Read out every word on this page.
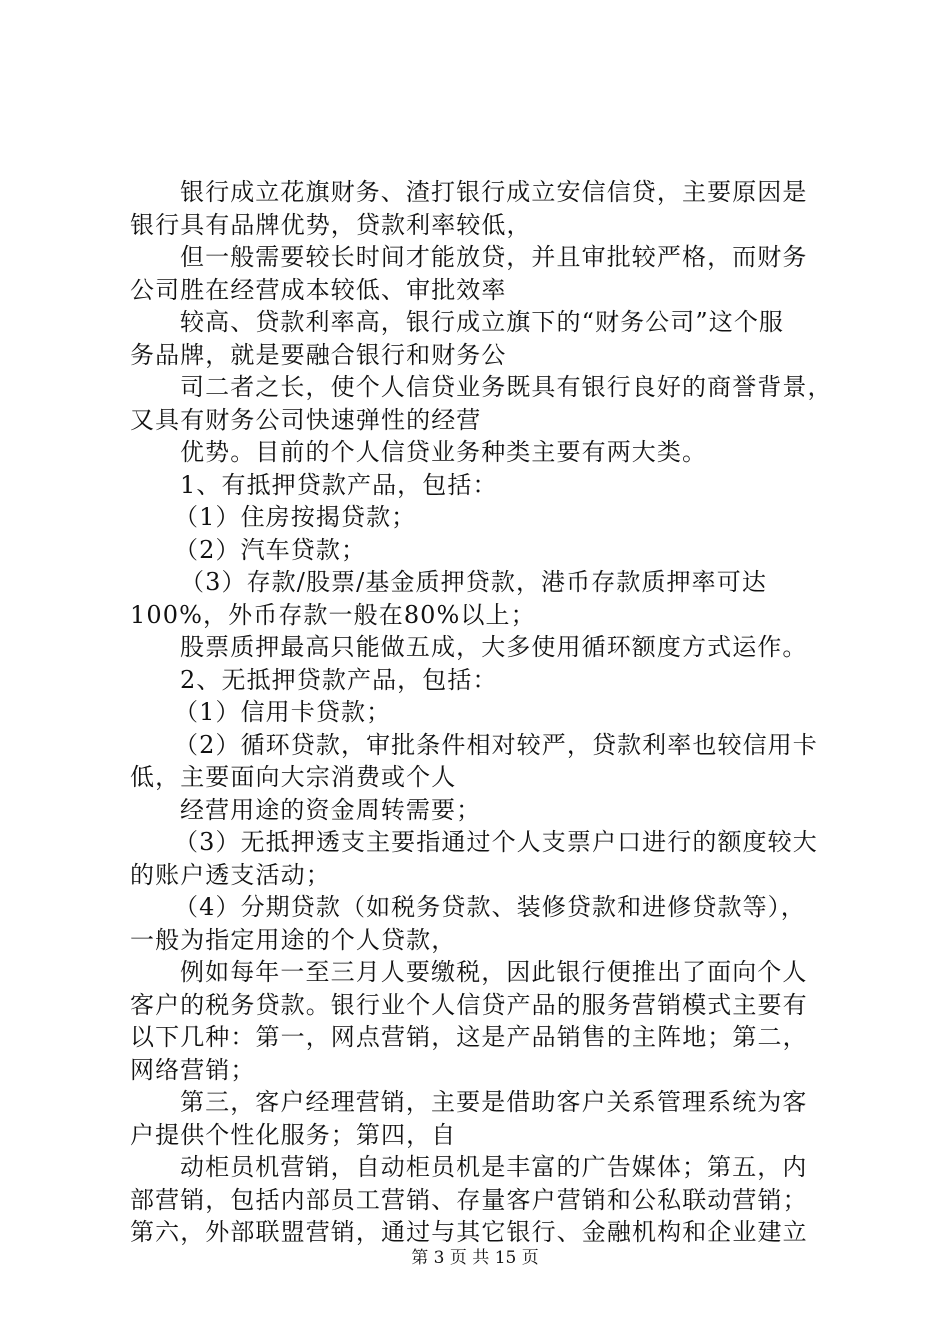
银行成立花旗财务、渣打银行成立安信信贷，主要原因是
银行具有品牌优势，贷款利率较低，

但一般需要较长时间才能放贷，并且审批较严格，而财务
公司胜在经营成本较低、审批效率

较高、贷款利率高，银行成立旗下的“财务公司”这个服
务品牌，就是要融合银行和财务公

司二者之长，使个人信贷业务既具有银行良好的商誉背景，
又具有财务公司快速弹性的经营

优势。目前的个人信贷业务种类主要有两大类。

1、有抵押贷款产品，包括：

（1）住房按揭贷款；

（2）汽车贷款；

（3）存款/股票/基金质押贷款，港币存款质押率可达
100%，外币存款一般在80%以上；

股票质押最高只能做五成，大多使用循环额度方式运作。

2、无抵押贷款产品，包括：

（1）信用卡贷款；

（2）循环贷款，审批条件相对较严，贷款利率也较信用卡
低，主要面向大宗消费或个人

经营用途的资金周转需要；

（3）无抵押透支主要指通过个人支票户口进行的额度较大
的账户透支活动；

（4）分期贷款（如税务贷款、装修贷款和进修贷款等），
一般为指定用途的个人贷款，

例如每年一至三月人要缴税，因此银行便推出了面向个人
客户的税务贷款。银行业个人信贷产品的服务营销模式主要有
以下几种：第一，网点营销，这是产品销售的主阵地；第二，
网络营销；

第三，客户经理营销，主要是借助客户关系管理系统为客
户提供个性化服务；第四，自

动柜员机营销，自动柜员机是丰富的广告媒体；第五，内
部营销，包括内部员工营销、存量客户营销和公私联动营销；
第六，外部联盟营销，通过与其它银行、金融机构和企业建立

第 3 页 共 15 页
